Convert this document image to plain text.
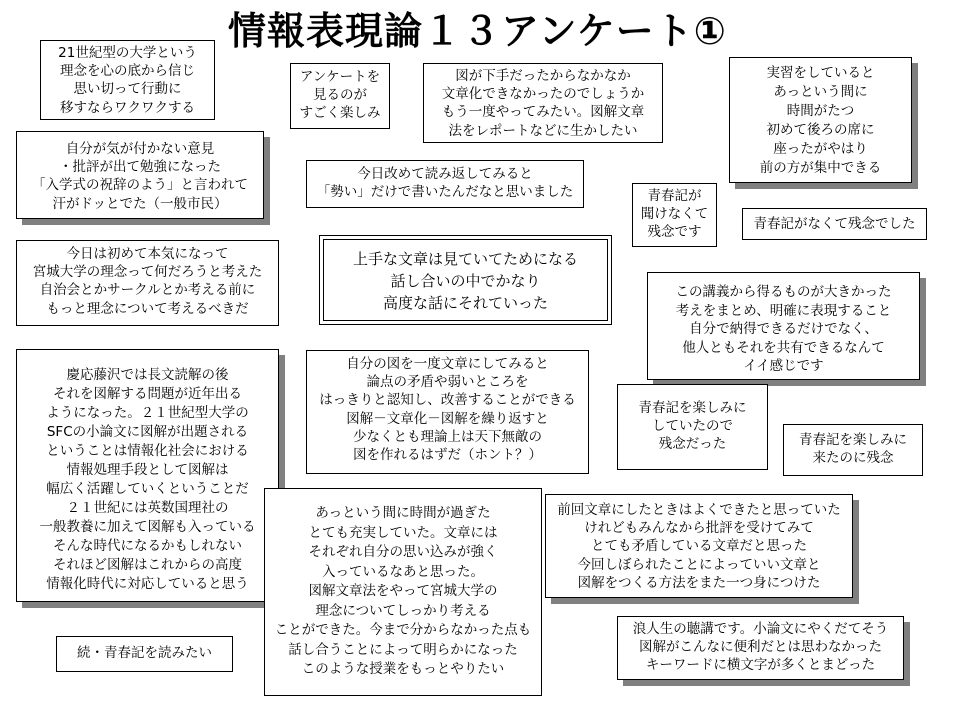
情報表現論１３アンケート①
21世紀型の大学という
理念を心の底から信じ
思い切って行動に
移すならワクワクする
アンケートを
見るのが
すごく楽しみ
図が下手だったからなかなか
文章化できなかったのでしょうか
もう一度やってみたい。図解文章
法をレポートなどに生かしたい
実習をしていると
あっという間に
時間がたつ
初めて後ろの席に
座ったがやはり
前の方が集中できる
自分が気が付かない意見
・批評が出て勉強になった
「入学式の祝辞のよう」と言われて
汗がドッとでた（一般市民）
今日改めて読み返してみると
「勢い」だけで書いたんだなと思いました	青春記が
聞けなくて
残念です
青春記がなくて残念でした
今日は初めて本気になって
宮城大学の理念って何だろうと考えた
自治会とかサークルとか考える前に
もっと理念について考えるべきだ
上手な文章は見ていてためになる
話し合いの中でかなり
高度な話にそれていった
この講義から得るものが大きかった
考えをまとめ、明確に表現すること
自分で納得できるだけでなく、
他人ともそれを共有できるなんて
イイ感じです
慶応藤沢では長文読解の後
それを図解する問題が近年出る
ようになった。２１世紀型大学の
SFCの小論文に図解が出題される
ということは情報化社会における
情報処理手段として図解は
幅広く活躍していくということだ
２１世紀には英数国理社の
一般教養に加えて図解も入っている
そんな時代になるかもしれない
それほど図解はこれからの高度
情報化時代に対応していると思う
自分の図を一度文章にしてみると
論点の矛盾や弱いところを
はっきりと認知し、改善することができる
図解－文章化－図解を繰り返すと
少なくとも理論上は天下無敵の
図を作れるはずだ（ホント？）
青春記を楽しみに
していたので
残念だった	青春記を楽しみに
来たのに残念
あっという間に時間が過ぎた
とても充実していた。文章には
それぞれ自分の思い込みが強く
入っているなあと思った。
図解文章法をやって宮城大学の
理念についてしっかり考える
ことができた。今まで分からなかった点も
話し合うことによって明らかになった
このような授業をもっとやりたい
前回文章にしたときはよくできたと思っていた
けれどもみんなから批評を受けてみて
とても矛盾している文章だと思った
今回しぼられたことによっていい文章と
図解をつくる方法をまた一つ身につけた
続・青春記を読みたい
浪人生の聴講です。小論文にやくだてそう
図解がこんなに便利だとは思わなかった
キーワードに横文字が多くとまどった
